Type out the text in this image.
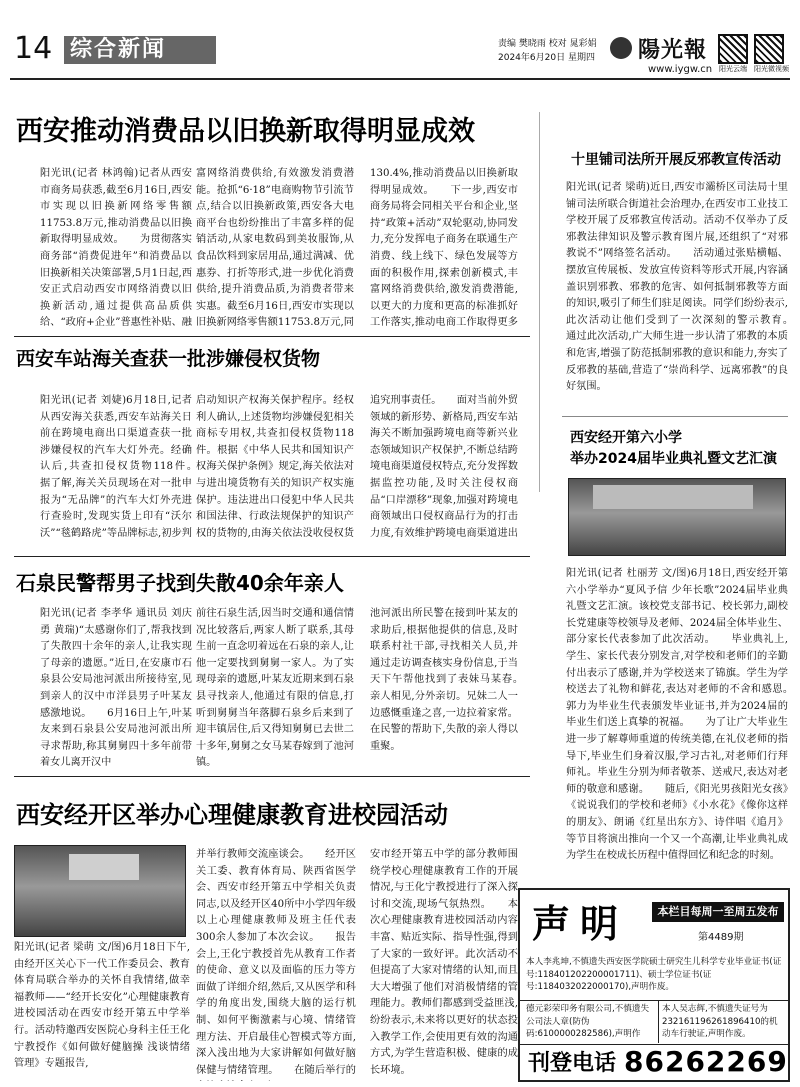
14 综合新闻	责编 樊晓雨 校对 晁彩娟
2024年6月20日 星期四 陽光報
www.iygw.cn 阳光云端 阳光微视频
西安推动消费品以旧换新取得明显成效
阳光讯(记者 林鸿翰)记者从西安市商务局获悉,截至6月16日,西安市实现以旧换新网络零售额11753.8万元,推动消费品以旧换新取得明显成效。　　为贯彻落实商务部“消费促进年”和消费品以旧换新相关决策部署,5月1日起,西安正式启动西安市网络消费以旧换新活动,通过提供高品质供给、“政府+企业”普惠性补贴、融
富网络消费供给,有效激发消费潜能。抢抓“6·18”电商购物节引流节点,结合以旧换新政策,西安各大电商平台也纷纷推出了丰富多样的促销活动,从家电数码到美妆服饰,从食品饮料到家居用品,通过满减、优惠券、打折等形式,进一步优化消费供给,提升消费品质,为消费者带来实惠。截至6月16日,西安市实现以旧换新网络零售额11753.8万元,同
130.4%,推动消费品以旧换新取得明显成效。　　下一步,西安市商务局将会同相关平台和企业,坚持“政策+活动”双轮驱动,协同发力,充分发挥电子商务在联通生产消费、线上线下、绿色发展等方面的积极作用,探索创新模式,丰富网络消费供给,激发消费潜能,以更大的力度和更高的标准抓好工作落实,推动电商工作取得更多
西安车站海关查获一批涉嫌侵权货物
阳光讯(记者 刘婕)6月18日,记者从西安海关获悉,西安车站海关日前在跨境电商出口渠道查获一批涉嫌侵权的汽车大灯外壳。经确认后,共查扣侵权货物118件。　　据了解,海关关员现场在对一批申报为“无品牌”的汽车大灯外壳进行查验时,发现实货上印有“沃尔沃”“毯鹤路虎”等品牌标志,初步判
启动知识产权海关保护程序。经权利人确认,上述货物均涉嫌侵犯相关商标专用权,共查扣侵权货物118件。根据《中华人民共和国知识产权海关保护条例》规定,海关依法对与进出境货物有关的知识产权实施保护。违法进出口侵犯中华人民共和国法律、行政法规保护的知识产权的货物的,由海关依法没收侵权货
追究刑事责任。　　面对当前外贸领域的新形势、新格局,西安车站海关不断加强跨境电商等新兴业态领域知识产权保护,不断总结跨境电商渠道侵权特点,充分发挥数据监控功能,及时关注侵权商品“口岸漂移”现象,加强对跨境电商领域出口侵权商品行为的打击力度,有效维护跨境电商渠道进出
石泉民警帮男子找到失散40余年亲人
阳光讯(记者 李孝华 通讯员 刘庆勇 黄瑞)“太感谢你们了,帮我找到了失散四十余年的亲人,让我实现了母亲的遗愿。”近日,在安康市石泉县公安局池河派出所接待室,见到亲人的汉中市洋县男子叶某友感激地说。　　6月16日上午,叶某友来到石泉县公安局池河派出所寻求帮助,称其舅舅四十多年前带着女儿离开汉中
前往石泉生活,因当时交通和通信情况比较落后,两家人断了联系,其母生前一直念叨着远在石泉的亲人,让他一定要找到舅舅一家人。为了实现母亲的遗愿,叶某友近期来到石泉县寻找亲人,他通过有限的信息,打听到舅舅当年落脚石泉乡后来到了迎丰镇居住,后又得知舅舅已去世二十多年,舅舅之女马某春嫁到了池河镇。
池河派出所民警在接到叶某友的求助后,根据他提供的信息,及时联系村社干部,寻找相关人员,并通过走访调查核实身份信息,于当天下午帮他找到了表妹马某春。　　亲人相见,分外亲切。兄妹二人一边感慨重逢之喜,一边拉着家常。在民警的帮助下,失散的亲人得以重聚。
西安经开区举办心理健康教育进校园活动
阳光讯(记者 梁萌 文/图)6月18日下午,由经开区关心下一代工作委员会、教育体育局联合举办的关怀自我情绪,做幸福教师——“经开长安化”心理健康教育进校园活动在西安市经开第五中学举行。活动特邀西安医院心身科主任王化宁教授作《如何做好健脑操 浅谈情绪管理》专题报告,
并举行教师交流座谈会。　　经开区关工委、教育体育局、陕西省医学会、西安市经开第五中学相关负责同志,以及经开区40所中小学四年级以上心理健康教师及班主任代表300余人参加了本次会议。　　报告会上,王化宁教授首先从教育工作者的使命、意义以及面临的压力等方面做了详细介绍,然后,又从医学和科学的角度出发,围绕大脑的运行机制、如何平衡激素与心境、情绪管理方法、开启最佳心智模式等方面,深入浅出地为大家讲解如何做好脑保健与情绪管理。　　在随后举行的
安市经开第五中学的部分教师围绕学校心理健康教育工作的开展情况,与王化宁教授进行了深入探讨和交流,现场气氛热烈。　　本次心理健康教育进校园活动内容丰富、贴近实际、指导性强,得到了大家的一致好评。此次活动不但提高了大家对情绪的认知,而且大大增强了他们对消极情绪的管理能力。教师们都感到受益匪浅,纷纷表示,未来将以更好的状态投入教学工作,会使用更有效的沟通方式,为学生营造积极、健康的成长环境。
十里铺司法所开展反邪教宣传活动
阳光讯(记者 梁萌)近日,西安市灞桥区司法局十里铺司法所联合街道社会治理办,在西安市工业技工学校开展了反邪教宣传活动。活动不仅举办了反邪教法律知识及警示教育图片展,还组织了“对邪教说不”网络签名活动。　　活动通过张贴横幅、摆放宣传展板、发放宣传资料等形式开展,内容涵盖识别邪教、邪教的危害、如何抵制邪教等方面的知识,吸引了师生们驻足阅读。同学们纷纷表示,此次活动让他们受到了一次深刻的警示教育。　　通过此次活动,广大师生进一步认清了邪教的本质和危害,增强了防范抵制邪教的意识和能力,夯实了反邪教的基础,营造了“崇尚科学、远离邪教”的良好氛围。
西安经开第六小学
举办2024届毕业典礼暨文艺汇演
阳光讯(记者 杜丽芳 文/图)6月18日,西安经开第六小学举办“夏风予信 少年长歌”2024届毕业典礼暨文艺汇演。该校党支部书记、校长郭力,副校长党建康等校领导及老师、2024届全体毕业生、部分家长代表参加了此次活动。　　毕业典礼上,学生、家长代表分别发言,对学校和老师们的辛勤付出表示了感谢,并为学校送来了锦旗。学生为学校送去了礼物和鲜花,表达对老师的不舍和感恩。　　郭力为毕业生代表颁发毕业证书,并为2024届的毕业生们送上真挚的祝福。　　为了让广大毕业生进一步了解尊师重道的传统美德,在礼仪老师的指导下,毕业生们身着汉服,学习古礼,对老师们行拜师礼。毕业生分别为师者敬茶、送戒尺,表达对老师的敬意和感谢。　　随后,《阳光男孩阳光女孩》《说说我们的学校和老师》《小水花》《像你这样的朋友》、朗诵《红星出东方》、诗伴唱《追月》等节目将演出推向一个又一个高潮,让毕业典礼成为学生在校成长历程中值得回忆和纪念的时刻。
声明	本栏目每周一至周五发布
第4489期
本人李兆坤,不慎遗失西安医学院硕士研究生儿科学专业毕业证书(证号:118401202200001711)、硕士学位证书(证号:1184032022000170),声明作废。
德元彩荣印务有限公司,不慎遗失公司法人章(防伪码:6100000282586),声明作
本人吴志辉,不慎遗失证号为232161196261896410的机动车行驶证,声明作废。
刊登电话 86262269
